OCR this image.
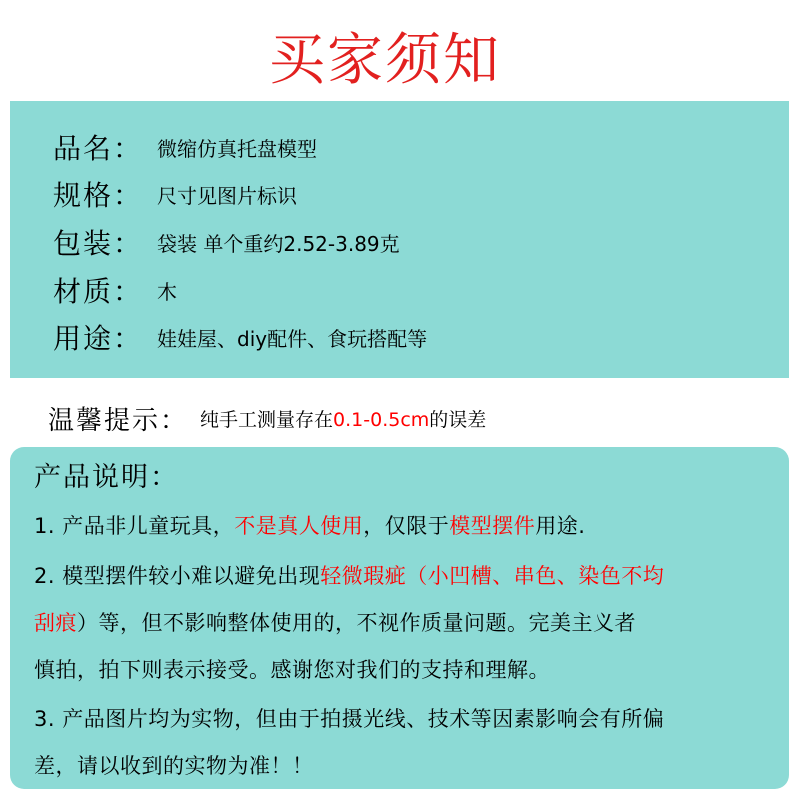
买家须知
品名： 微缩仿真托盘模型
规格： 尺寸见图片标识
包装： 袋装 单个重约2.52-3.89克
材质： 木
用途： 娃娃屋、diy配件、食玩搭配等
温馨提示： 纯手工测量存在0.1-0.5cm的误差
产品说明：
1. 产品非儿童玩具，不是真人使用，仅限于模型摆件用途.
2. 模型摆件较小难以避免出现轻微瑕疵（小凹槽、串色、染色不均
刮痕）等，但不影响整体使用的，不视作质量问题。完美主义者
慎拍，拍下则表示接受。感谢您对我们的支持和理解。
3. 产品图片均为实物，但由于拍摄光线、技术等因素影响会有所偏
差，请以收到的实物为准！！
